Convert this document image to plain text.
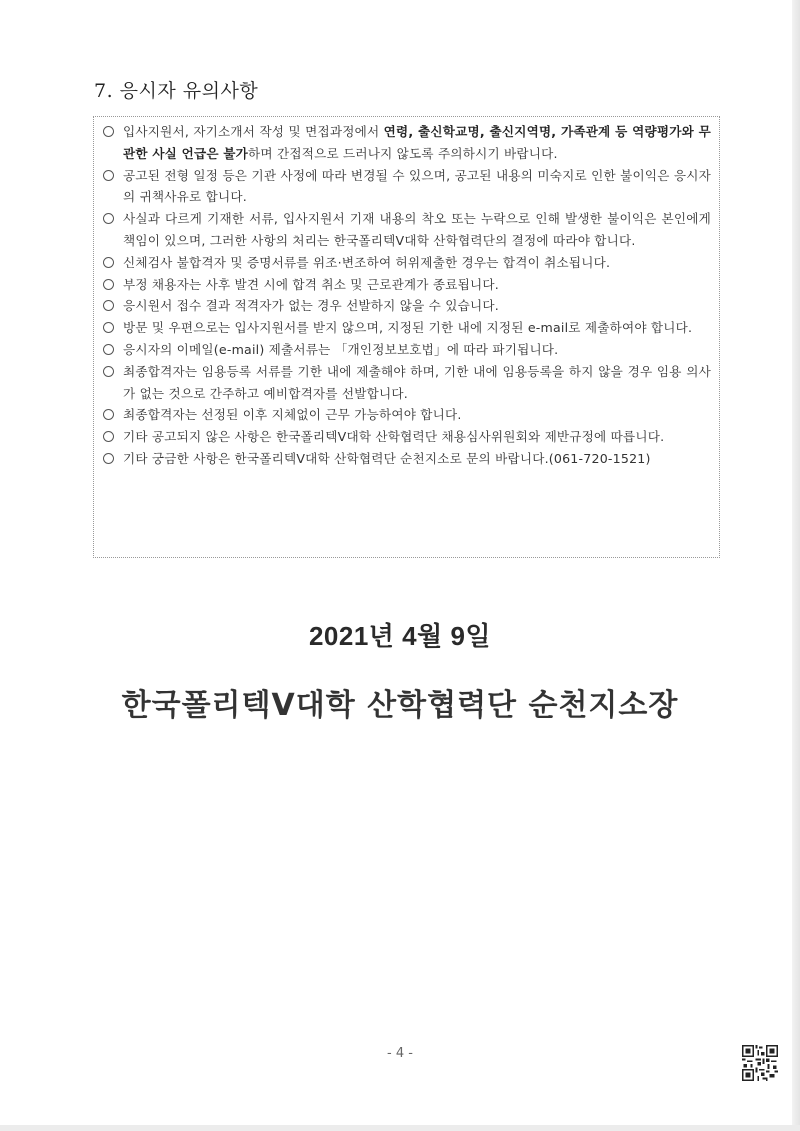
7. 응시자 유의사항
입사지원서, 자기소개서 작성 및 면접과정에서 연령, 출신학교명, 출신지역명, 가족관계 등 역량평가와 무관한 사실 언급은 불가하며 간접적으로 드러나지 않도록 주의하시기 바랍니다.
공고된 전형 일정 등은 기관 사정에 따라 변경될 수 있으며, 공고된 내용의 미숙지로 인한 불이익은 응시자의 귀책사유로 합니다.
사실과 다르게 기재한 서류, 입사지원서 기재 내용의 착오 또는 누락으로 인해 발생한 불이익은 본인에게 책임이 있으며, 그러한 사항의 처리는 한국폴리텍V대학 산학협력단의 결정에 따라야 합니다.
신체검사 불합격자 및 증명서류를 위조·변조하여 허위제출한 경우는 합격이 취소됩니다.
부정 채용자는 사후 발견 시에 합격 취소 및 근로관계가 종료됩니다.
응시원서 접수 결과 적격자가 없는 경우 선발하지 않을 수 있습니다.
방문 및 우편으로는 입사지원서를 받지 않으며, 지정된 기한 내에 지정된 e-mail로 제출하여야 합니다.
응시자의 이메일(e-mail) 제출서류는 「개인정보보호법」에 따라 파기됩니다.
최종합격자는 임용등록 서류를 기한 내에 제출해야 하며, 기한 내에 임용등록을 하지 않을 경우 임용 의사가 없는 것으로 간주하고 예비합격자를 선발합니다.
최종합격자는 선정된 이후 지체없이 근무 가능하여야 합니다.
기타 공고되지 않은 사항은 한국폴리텍V대학 산학협력단 채용심사위원회와 제반규정에 따릅니다.
기타 궁금한 사항은 한국폴리텍V대학 산학협력단 순천지소로 문의 바랍니다.(061-720-1521)
2021년 4월 9일
한국폴리텍V대학 산학협력단 순천지소장
- 4 -
